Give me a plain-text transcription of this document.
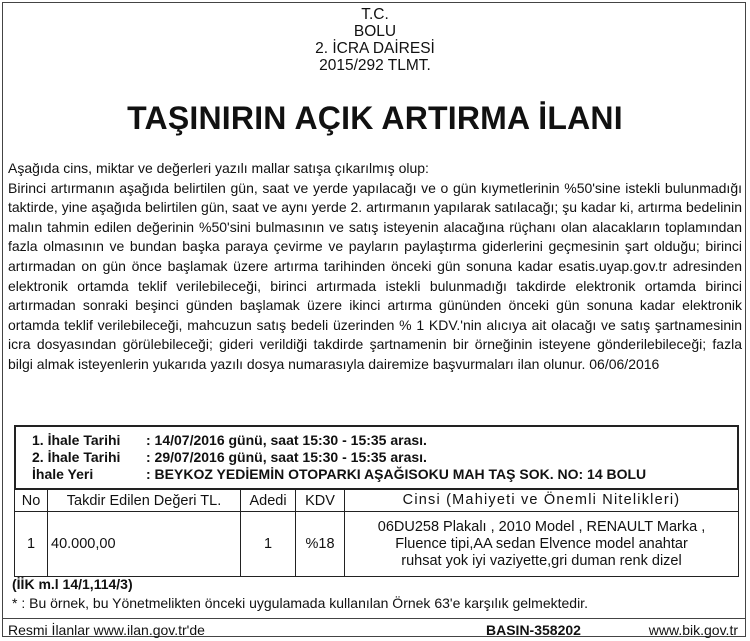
T.C.
BOLU
2. İCRA DAİRESİ
2015/292 TLMT.
TAŞINIRIN AÇIK ARTIRMA İLANI

Aşağıda cins, miktar ve değerleri yazılı mallar satışa çıkarılmış olup:

Birinci artırmanın aşağıda belirtilen gün, saat ve yerde yapılacağı ve o gün kıymetlerinin %50'sine istekli bulunmadığı taktirde, yine aşağıda belirtilen gün, saat ve aynı yerde 2. artırmanın yapılarak satılacağı; şu kadar ki, artırma bedelinin malın tahmin edilen değerinin %50'sini bulmasının ve satış isteyenin alacağına rüçhanı olan alacakların toplamından fazla olmasının ve bundan başka paraya çevirme ve payların paylaştırma giderlerini geçmesinin şart olduğu; birinci artırmadan on gün önce başlamak üzere artırma tarihinden önceki gün sonuna kadar esatis.uyap.gov.tr adresinden elektronik ortamda teklif verilebileceği, birinci artırmada istekli bulunmadığı takdirde elektronik ortamda birinci artırmadan sonraki beşinci günden başlamak üzere ikinci artırma gününden önceki gün sonuna kadar elektronik ortamda teklif verilebileceği, mahcuzun satış bedeli üzerinden % 1 KDV.'nin alıcıya ait olacağı ve satış şartnamesinin icra dosyasından görülebileceği; gideri verildiği takdirde şartnamenin bir örneğinin isteyene gönderilebileceği; fazla bilgi almak isteyenlerin yukarıda yazılı dosya numarasıyla dairemize başvurmaları ilan olunur. 06/06/2016

1. İhale Tarihi : 14/07/2016 günü, saat 15:30 - 15:35 arası.
2. İhale Tarihi : 29/07/2016 günü, saat 15:30 - 15:35 arası.
İhale Yeri	: BEYKOZ YEDİEMİN OTOPARKI AŞAĞISOKU MAH TAŞ SOK. NO: 14 BOLU
No	Takdir Edilen Değeri TL.	Adedi	KDV	Cinsi (Mahiyeti ve Önemli Nitelikleri)
1	40.000,00	1	%18	06DU258 Plakalı , 2010 Model , RENAULT Marka ,
Fluence tipi,AA sedan Elvence model anahtar
ruhsat yok iyi vaziyette,gri duman renk dizel
(İİK m.l 14/1,114/3)
* : Bu örnek, bu Yönetmelikten önceki uygulamada kullanılan Örnek 63'e karşılık gelmektedir.
Resmi İlanlar www.ilan.gov.tr'de	BASIN-358202	www.bik.gov.tr
